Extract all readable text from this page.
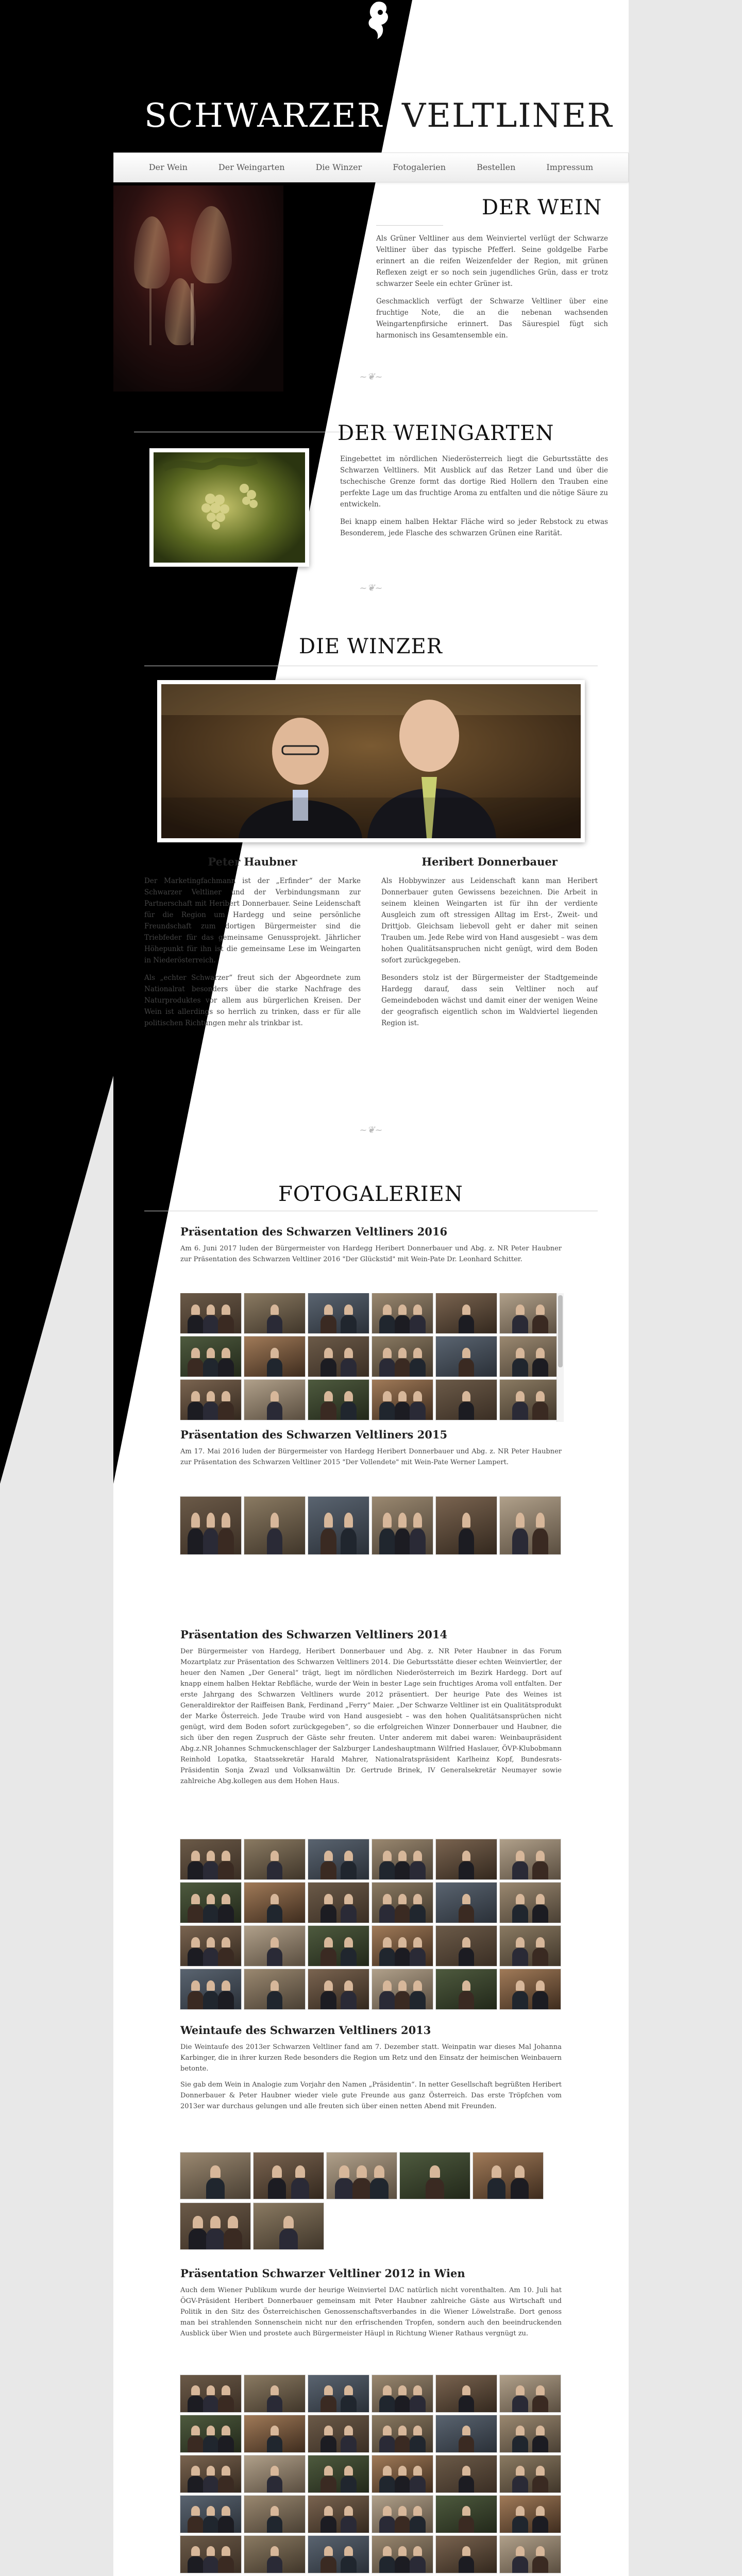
SCHWARZER VELTLINER
Der Wein	Der Weingarten	Die Winzer	Fotogalerien	Bestellen	Impressum
DER WEIN

Als Grüner Veltliner aus dem Weinviertel verlügt der Schwarze Veltliner über das typische Pfefferl. Seine goldgelbe Farbe erinnert an die reifen Weizenfelder der Region, mit grünen Reflexen zeigt er so noch sein jugendliches Grün, dass er trotz schwarzer Seele ein echter Grüner ist.

Geschmacklich verfügt der Schwarze Veltliner über eine fruchtige Note, die an die nebenan wachsenden Weingartenpfirsiche erinnert. Das Säurespiel fügt sich harmonisch ins Gesamtensemble ein.

~❦~
DER WEINGARTEN

Eingebettet im nördlichen Niederösterreich liegt die Geburtsstätte des Schwarzen Veltliners. Mit Ausblick auf das Retzer Land und über die tschechische Grenze formt das dortige Ried Hollern den Trauben eine perfekte Lage um das fruchtige Aroma zu entfalten und die nötige Säure zu entwickeln.

Bei knapp einem halben Hektar Fläche wird so jeder Rebstock zu etwas Besonderem, jede Flasche des schwarzen Grünen eine Rarität.

~❦~
DIE WINZER
Peter Haubner

Der Marketingfachmann ist der „Erfinder“ der Marke Schwarzer Veltliner und der Verbindungsmann zur Partnerschaft mit Heribert Donnerbauer. Seine Leidenschaft für die Region um Hardegg und seine persönliche Freundschaft zum dortigen Bürgermeister sind die Triebfeder für das gemeinsame Genussprojekt. Jährlicher Höhepunkt für ihn ist die gemeinsame Lese im Weingarten in Niederösterreich.

Als „echter Schwarzer“ freut sich der Abgeordnete zum Nationalrat besonders über die starke Nachfrage des Naturproduktes vor allem aus bürgerlichen Kreisen. Der Wein ist allerdings so herrlich zu trinken, dass er für alle politischen Richtungen mehr als trinkbar ist.

Heribert Donnerbauer

Als Hobbywinzer aus Leidenschaft kann man Heribert Donnerbauer guten Gewissens bezeichnen. Die Arbeit in seinem kleinen Weingarten ist für ihn der verdiente Ausgleich zum oft stressigen Alltag im Erst-, Zweit- und Drittjob. Gleichsam liebevoll geht er daher mit seinen Trauben um. Jede Rebe wird von Hand ausgesiebt – was dem hohen Qualitätsanspruchen nicht genügt, wird dem Boden sofort zurückgegeben.

Besonders stolz ist der Bürgermeister der Stadtgemeinde Hardegg darauf, dass sein Veltliner noch auf Gemeindeboden wächst und damit einer der wenigen Weine der geografisch eigentlich schon im Waldviertel liegenden Region ist.

~❦~
FOTOGALERIEN
Präsentation des Schwarzen Veltliners 2016

Am 6. Juni 2017 luden der Bürgermeister von Hardegg Heribert Donnerbauer und Abg. z. NR Peter Haubner zur Präsentation des Schwarzen Veltliner 2016 "Der Glückstid" mit Wein-Pate Dr. Leonhard Schitter.

Präsentation des Schwarzen Veltliners 2015

Am 17. Mai 2016 luden der Bürgermeister von Hardegg Heribert Donnerbauer und Abg. z. NR Peter Haubner zur Präsentation des Schwarzen Veltliner 2015 "Der Vollendete" mit Wein-Pate Werner Lampert.

Präsentation des Schwarzen Veltliners 2014

Der Bürgermeister von Hardegg, Heribert Donnerbauer und Abg. z. NR Peter Haubner in das Forum Mozartplatz zur Präsentation des Schwarzen Veltliners 2014. Die Geburtsstätte dieser echten Weinviertler, der heuer den Namen „Der General“ trägt, liegt im nördlichen Niederösterreich im Bezirk Hardegg. Dort auf knapp einem halben Hektar Rebfläche, wurde der Wein in bester Lage sein fruchtiges Aroma voll entfalten. Der erste Jahrgang des Schwarzen Veltliners wurde 2012 präsentiert. Der heurige Pate des Weines ist Generaldirektor der Raiffeisen Bank, Ferdinand „Ferry“ Maier. „Der Schwarze Veltliner ist ein Qualitätsprodukt der Marke Österreich. Jede Traube wird von Hand ausgesiebt – was den hohen Qualitätsansprüchen nicht genügt, wird dem Boden sofort zurückgegeben“, so die erfolgreichen Winzer Donnerbauer und Haubner, die sich über den regen Zuspruch der Gäste sehr freuten. Unter anderem mit dabei waren: Weinbaupräsident Abg.z.NR Johannes Schmuckenschlager der Salzburger Landeshauptmann Wilfried Haslauer, ÖVP-Klubobmann Reinhold Lopatka, Staatssekretär Harald Mahrer, Nationalratspräsident Karlheinz Kopf, Bundesrats-Präsidentin Sonja Zwazl und Volksanwältin Dr. Gertrude Brinek, IV Generalsekretär Neumayer sowie zahlreiche Abg.kollegen aus dem Hohen Haus.

Weintaufe des Schwarzen Veltliners 2013

Die Weintaufe des 2013er Schwarzen Veltliner fand am 7. Dezember statt. Weinpatin war dieses Mal Johanna Karbinger, die in ihrer kurzen Rede besonders die Region um Retz und den Einsatz der heimischen Weinbauern betonte.

Sie gab dem Wein in Analogie zum Vorjahr den Namen „Präsidentin“. In netter Gesellschaft begrüßten Heribert Donnerbauer & Peter Haubner wieder viele gute Freunde aus ganz Österreich. Das erste Tröpfchen vom 2013er war durchaus gelungen und alle freuten sich über einen netten Abend mit Freunden.

Präsentation Schwarzer Veltliner 2012 in Wien

Auch dem Wiener Publikum wurde der heurige Weinviertel DAC natürlich nicht vorenthalten. Am 10. Juli hat ÖGV-Präsident Heribert Donnerbauer gemeinsam mit Peter Haubner zahlreiche Gäste aus Wirtschaft und Politik in den Sitz des Österreichischen Genossenschaftsverbandes in die Wiener Löwelstraße. Dort genoss man bei strahlenden Sonnenschein nicht nur den erfrischenden Tropfen, sondern auch den beeindruckenden Ausblick über Wien und prostete auch Bürgermeister Häupl in Richtung Wiener Rathaus vergnügt zu.
